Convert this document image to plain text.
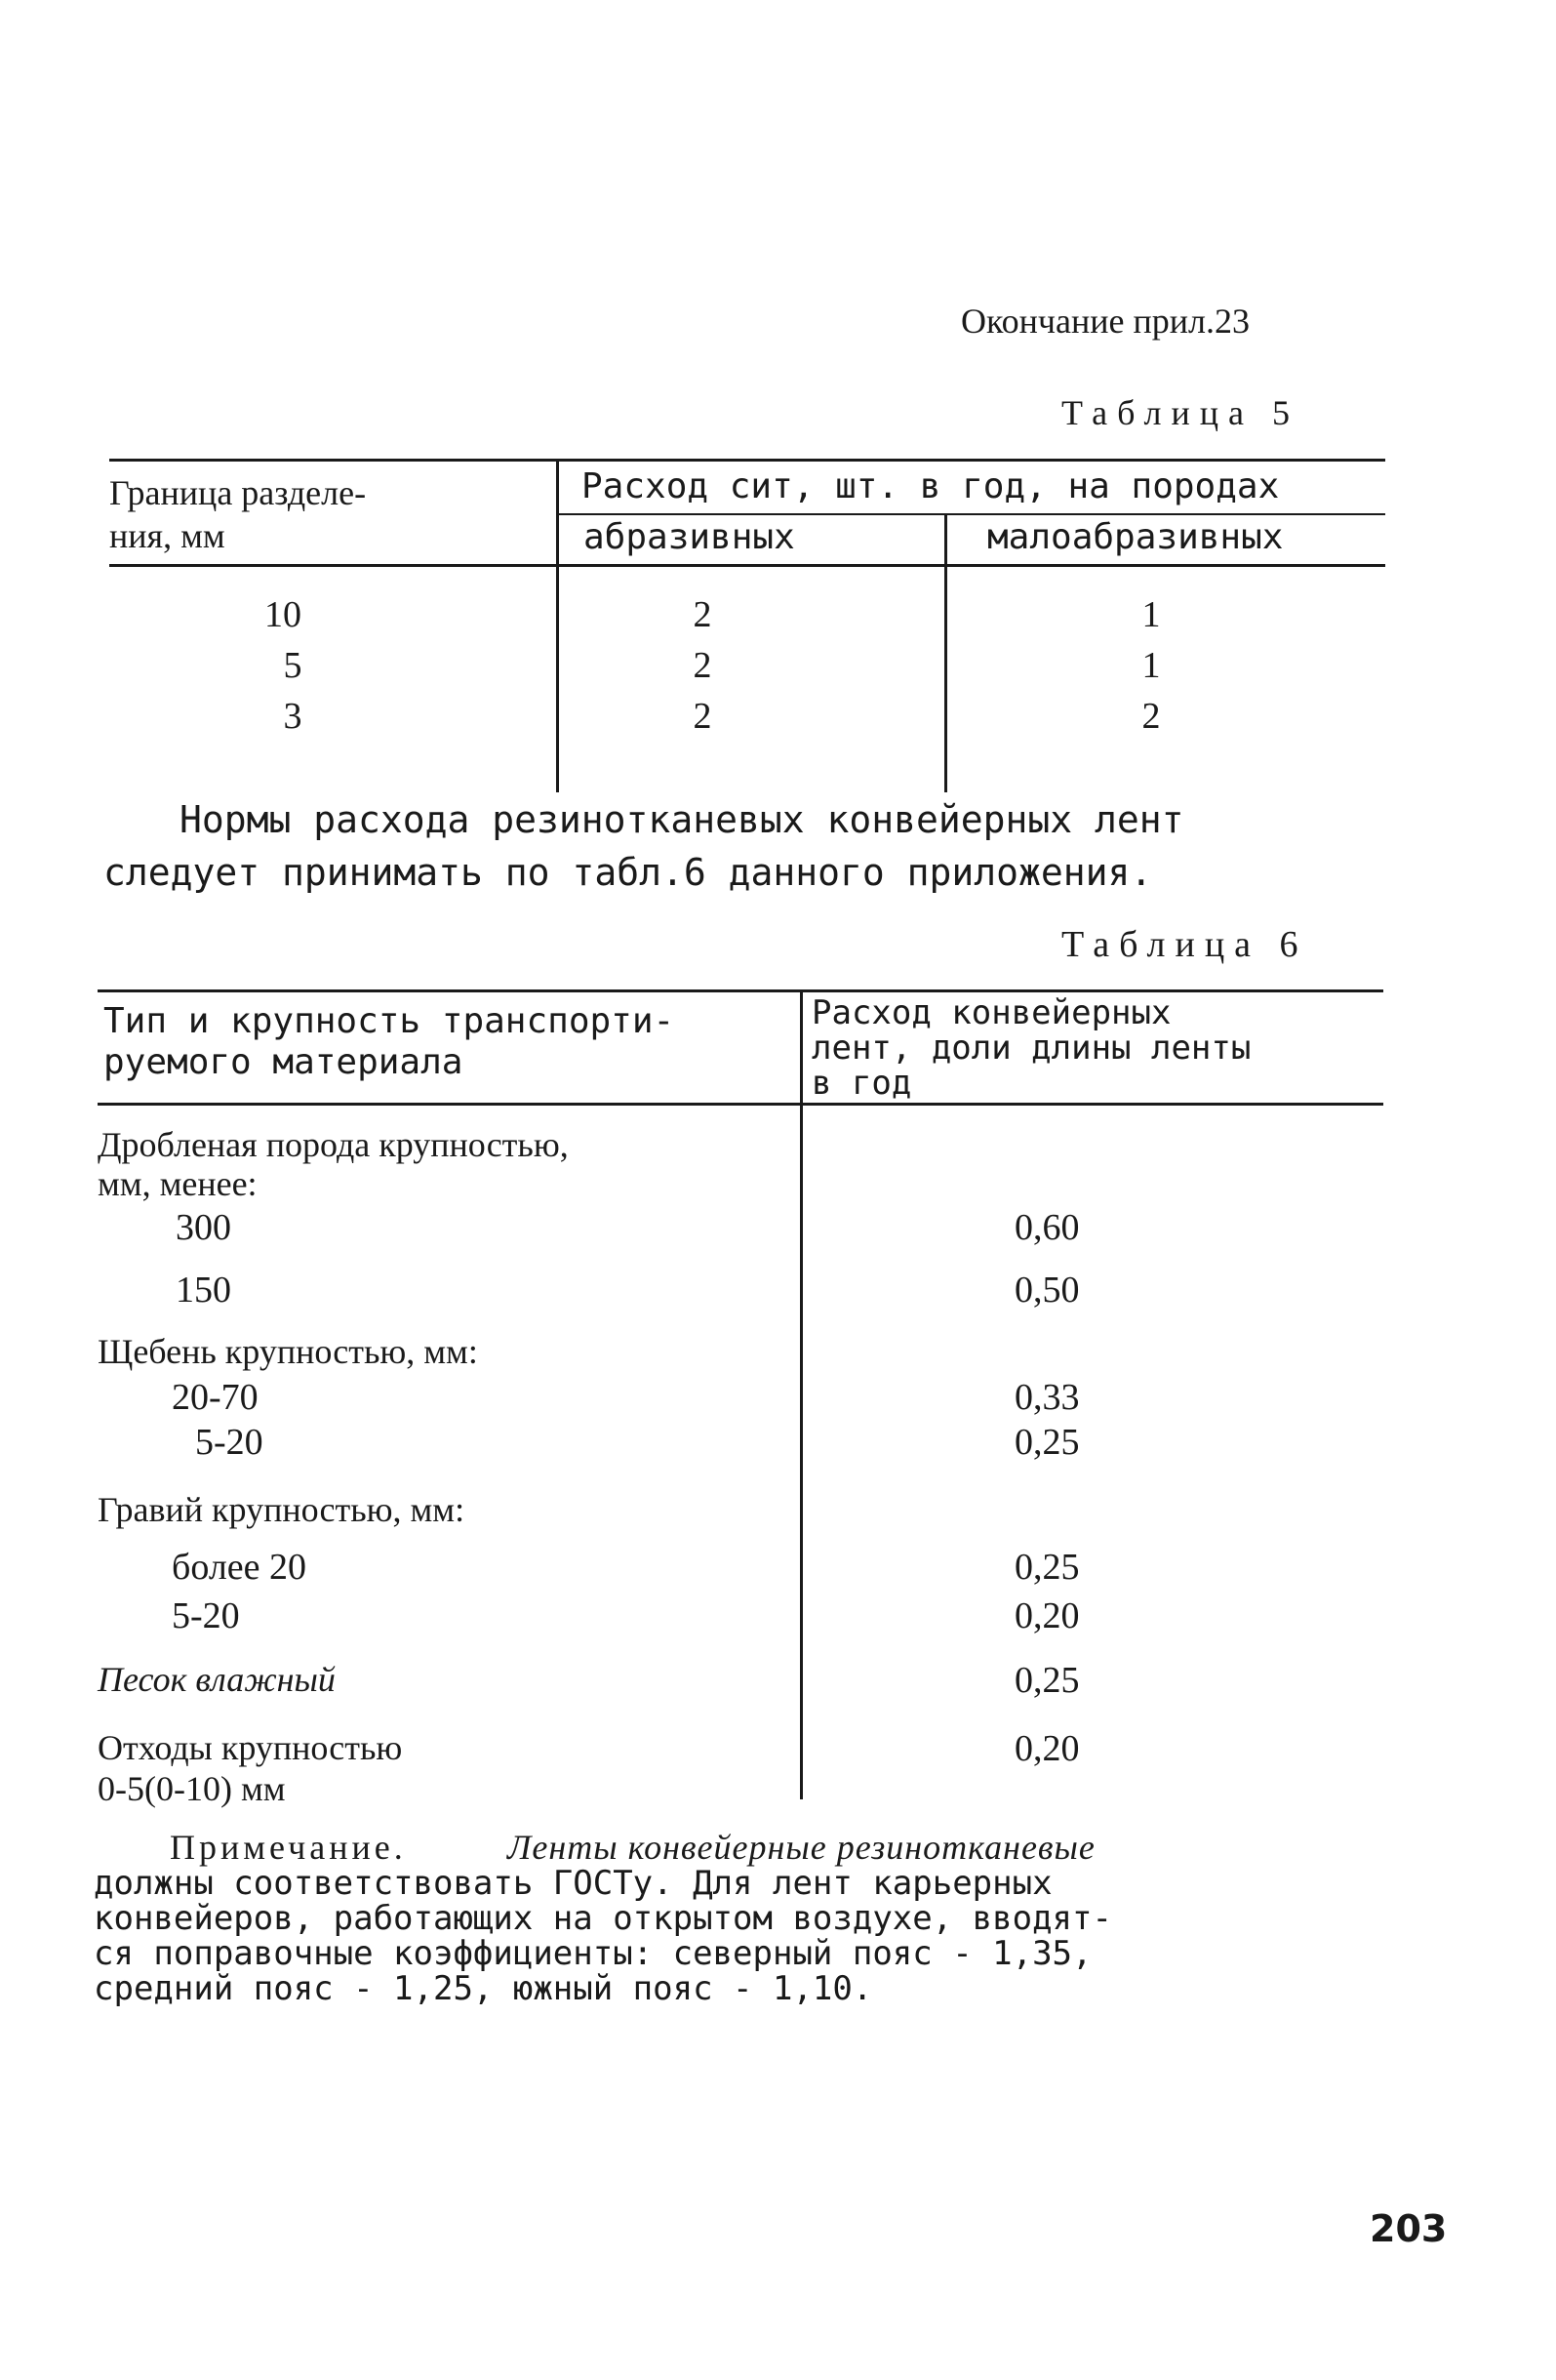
Окончание прил.23
Таблица 5
Граница разделе-
ния, мм
Расход сит, шт. в год, на породах
абразивных	малоабразивных
10	2	1
5	2	1
3	2	2
Нормы расхода резинотканевых конвейерных лент
следует принимать по табл.6 данного приложения.
Таблица 6
Тип и крупность транспорти-
руемого материала
Расход конвейерных
лент, доли длины ленты
в год
Дробленая порода крупностью,
мм, менее:
300	0,60
150	0,50
Щебень крупностью, мм:
20-70	0,33
5-20	0,25
Гравий крупностью, мм:
более 20	0,25
5-20	0,20
Песок влажный	0,25
Отходы крупностью	0,20
0-5(0-10) мм
Примечание.	Ленты конвейерные резинотканевые
должны соответствовать ГОСТу. Для лент карьерных
конвейеров, работающих на открытом воздухе, вводят-
ся поправочные коэффициенты: северный пояс - 1,35,
средний пояс - 1,25, южный пояс - 1,10.
203
